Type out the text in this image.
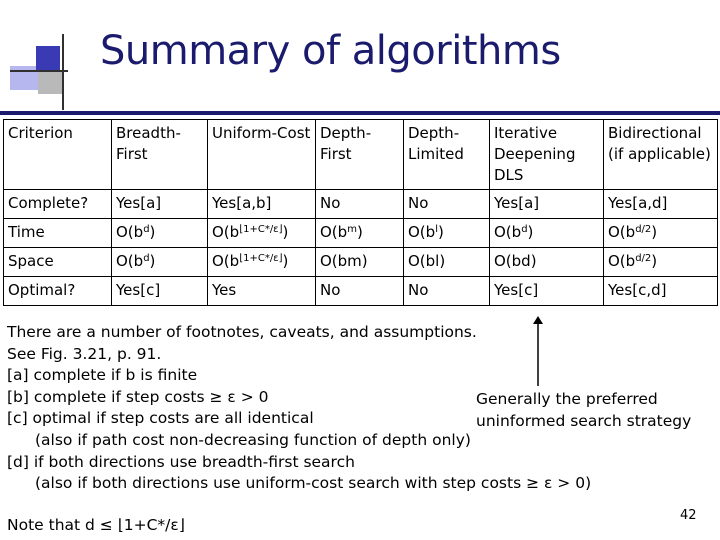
Summary of algorithms
Criterion	Breadth-First	Uniform-Cost	Depth-First	Depth-Limited	Iterative Deepening DLS	Bidirectional (if applicable)
Complete?	Yes[a]	Yes[a,b]	No	No	Yes[a]	Yes[a,d]
Time	$O(b^d)$	$O(b^{⌊1+C*/\varepsilon⌋})$	$O(b^m)$	$O(b^l)$	$O(b^d)$	$O(b^{d/2})$
Space	$O(b^d)$	$O(b^{⌊1+C*/\varepsilon⌋})$	O(bm)	O(bl)	O(bd)	$O(b^{d/2})$
Optimal?	Yes[c]	Yes	No	No	Yes[c]	Yes[c,d]
There are a number of footnotes, caveats, and assumptions.
See Fig. 3.21, p. 91.
[a] complete if b is finite
[b] complete if step costs ≥ ε > 0
[c] optimal if step costs are all identical
(also if path cost non-decreasing function of depth only)
[d] if both directions use breadth-first search
(also if both directions use uniform-cost search with step costs ≥ ε > 0)
Generally the preferred
uninformed search strategy
Note that d ≤ ⌊1+C*/ε⌋
42
